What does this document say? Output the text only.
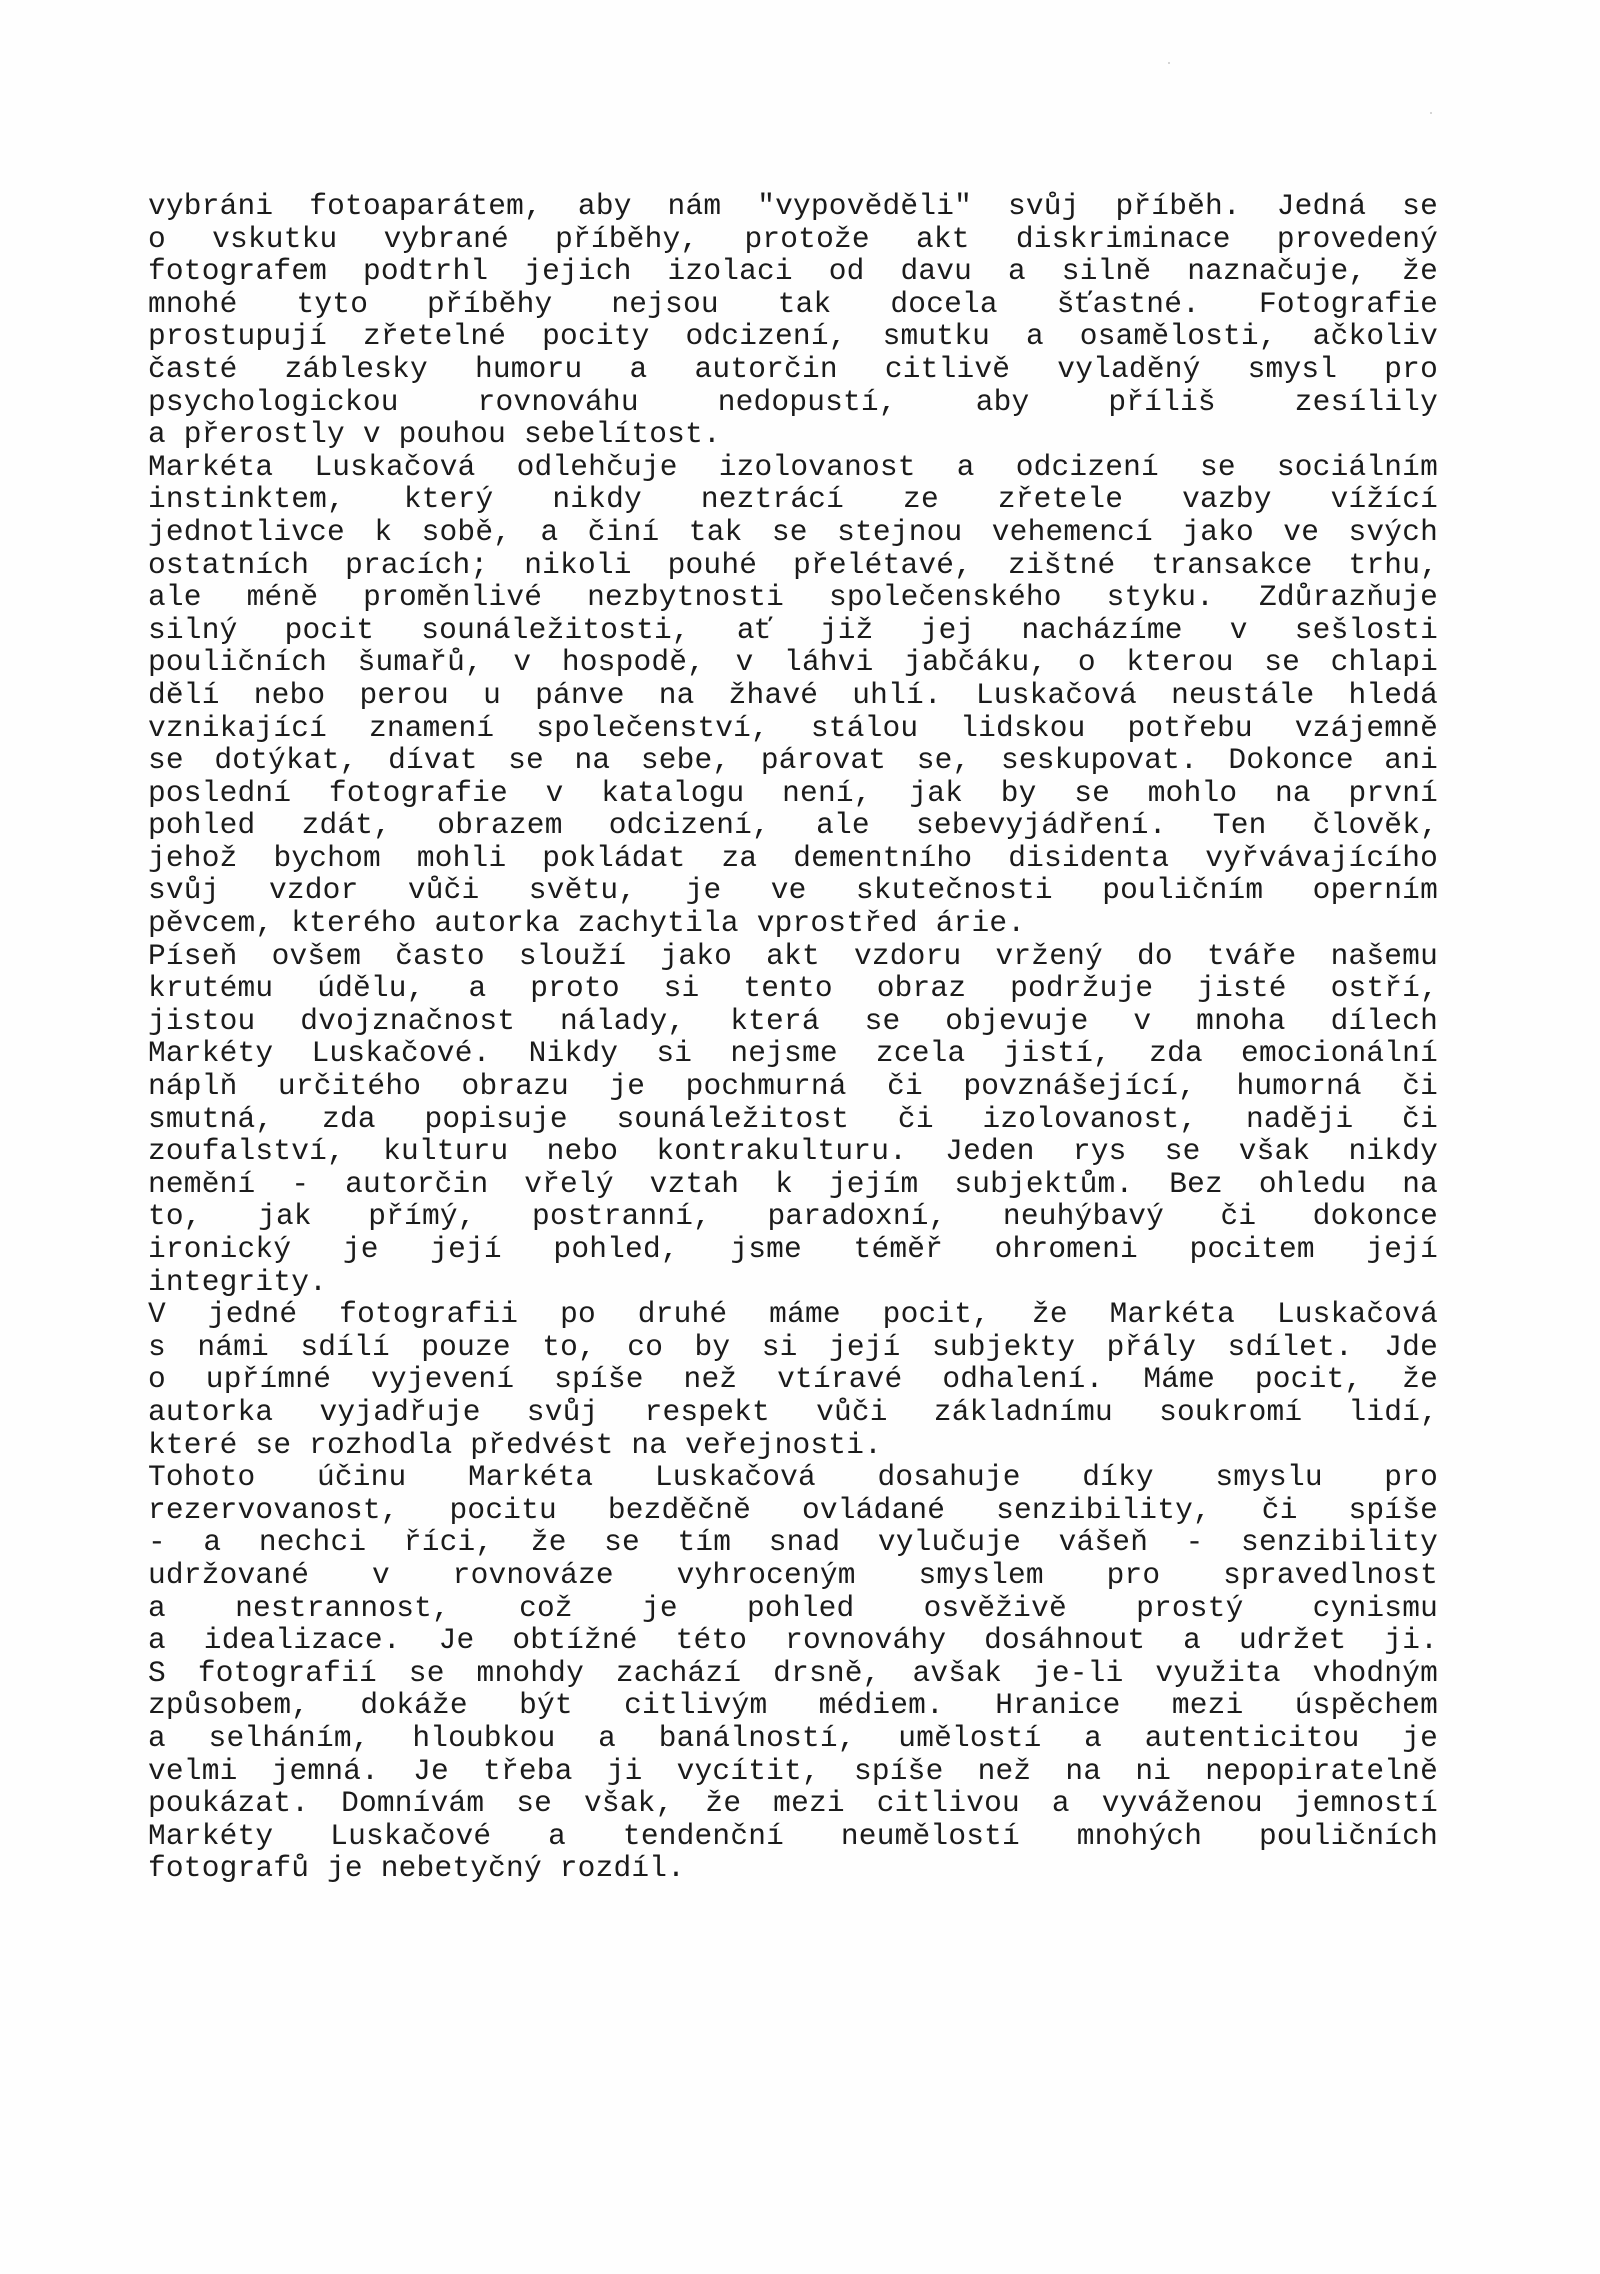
vybráni fotoaparátem, aby nám "vypověděli" svůj příběh. Jedná se
o vskutku vybrané příběhy, protože akt diskriminace provedený
fotografem podtrhl jejich izolaci od davu a silně naznačuje, že
mnohé tyto příběhy nejsou tak docela šťastné. Fotografie
prostupují zřetelné pocity odcizení, smutku a osamělosti, ačkoliv
časté záblesky humoru a autorčin citlivě vyladěný smysl pro
psychologickou rovnováhu nedopustí, aby příliš zesílily
a přerostly v pouhou sebelítost.
Markéta Luskačová odlehčuje izolovanost a odcizení se sociálním
instinktem, který nikdy neztrácí ze zřetele vazby vížící
jednotlivce k sobě, a činí tak se stejnou vehemencí jako ve svých
ostatních pracích; nikoli pouhé přelétavé, zištné transakce trhu,
ale méně proměnlivé nezbytnosti společenského styku. Zdůrazňuje
silný pocit sounáležitosti, ať již jej nacházíme v sešlosti
pouličních šumařů, v hospodě, v láhvi jabčáku, o kterou se chlapi
dělí nebo perou u pánve na žhavé uhlí. Luskačová neustále hledá
vznikající znamení společenství, stálou lidskou potřebu vzájemně
se dotýkat, dívat se na sebe, párovat se, seskupovat. Dokonce ani
poslední fotografie v katalogu není, jak by se mohlo na první
pohled zdát, obrazem odcizení, ale sebevyjádření. Ten člověk,
jehož bychom mohli pokládat za dementního disidenta vyřvávajícího
svůj vzdor vůči světu, je ve skutečnosti pouličním operním
pěvcem, kterého autorka zachytila vprostřed árie.
Píseň ovšem často slouží jako akt vzdoru vržený do tváře našemu
krutému údělu, a proto si tento obraz podržuje jisté ostří,
jistou dvojznačnost nálady, která se objevuje v mnoha dílech
Markéty Luskačové. Nikdy si nejsme zcela jistí, zda emocionální
náplň určitého obrazu je pochmurná či povznášející, humorná či
smutná, zda popisuje sounáležitost či izolovanost, naději či
zoufalství, kulturu nebo kontrakulturu. Jeden rys se však nikdy
nemění - autorčin vřelý vztah k jejím subjektům. Bez ohledu na
to, jak přímý, postranní, paradoxní, neuhýbavý či dokonce
ironický je její pohled, jsme téměř ohromeni pocitem její
integrity.
V jedné fotografii po druhé máme pocit, že Markéta Luskačová
s námi sdílí pouze to, co by si její subjekty přály sdílet. Jde
o upřímné vyjevení spíše než vtíravé odhalení. Máme pocit, že
autorka vyjadřuje svůj respekt vůči základnímu soukromí lidí,
které se rozhodla předvést na veřejnosti.
Tohoto účinu Markéta Luskačová dosahuje díky smyslu pro
rezervovanost, pocitu bezděčně ovládané senzibility, či spíše
- a nechci říci, že se tím snad vylučuje vášeň - senzibility
udržované v rovnováze vyhroceným smyslem pro spravedlnost
a nestrannost, což je pohled osvěživě prostý cynismu
a idealizace. Je obtížné této rovnováhy dosáhnout a udržet ji.
S fotografií se mnohdy zachází drsně, avšak je-li využita vhodným
způsobem, dokáže být citlivým médiem. Hranice mezi úspěchem
a selháním, hloubkou a banálností, umělostí a autenticitou je
velmi jemná. Je třeba ji vycítit, spíše než na ni nepopiratelně
poukázat. Domnívám se však, že mezi citlivou a vyváženou jemností
Markéty Luskačové a tendenční neumělostí mnohých pouličních
fotografů je nebetyčný rozdíl.
